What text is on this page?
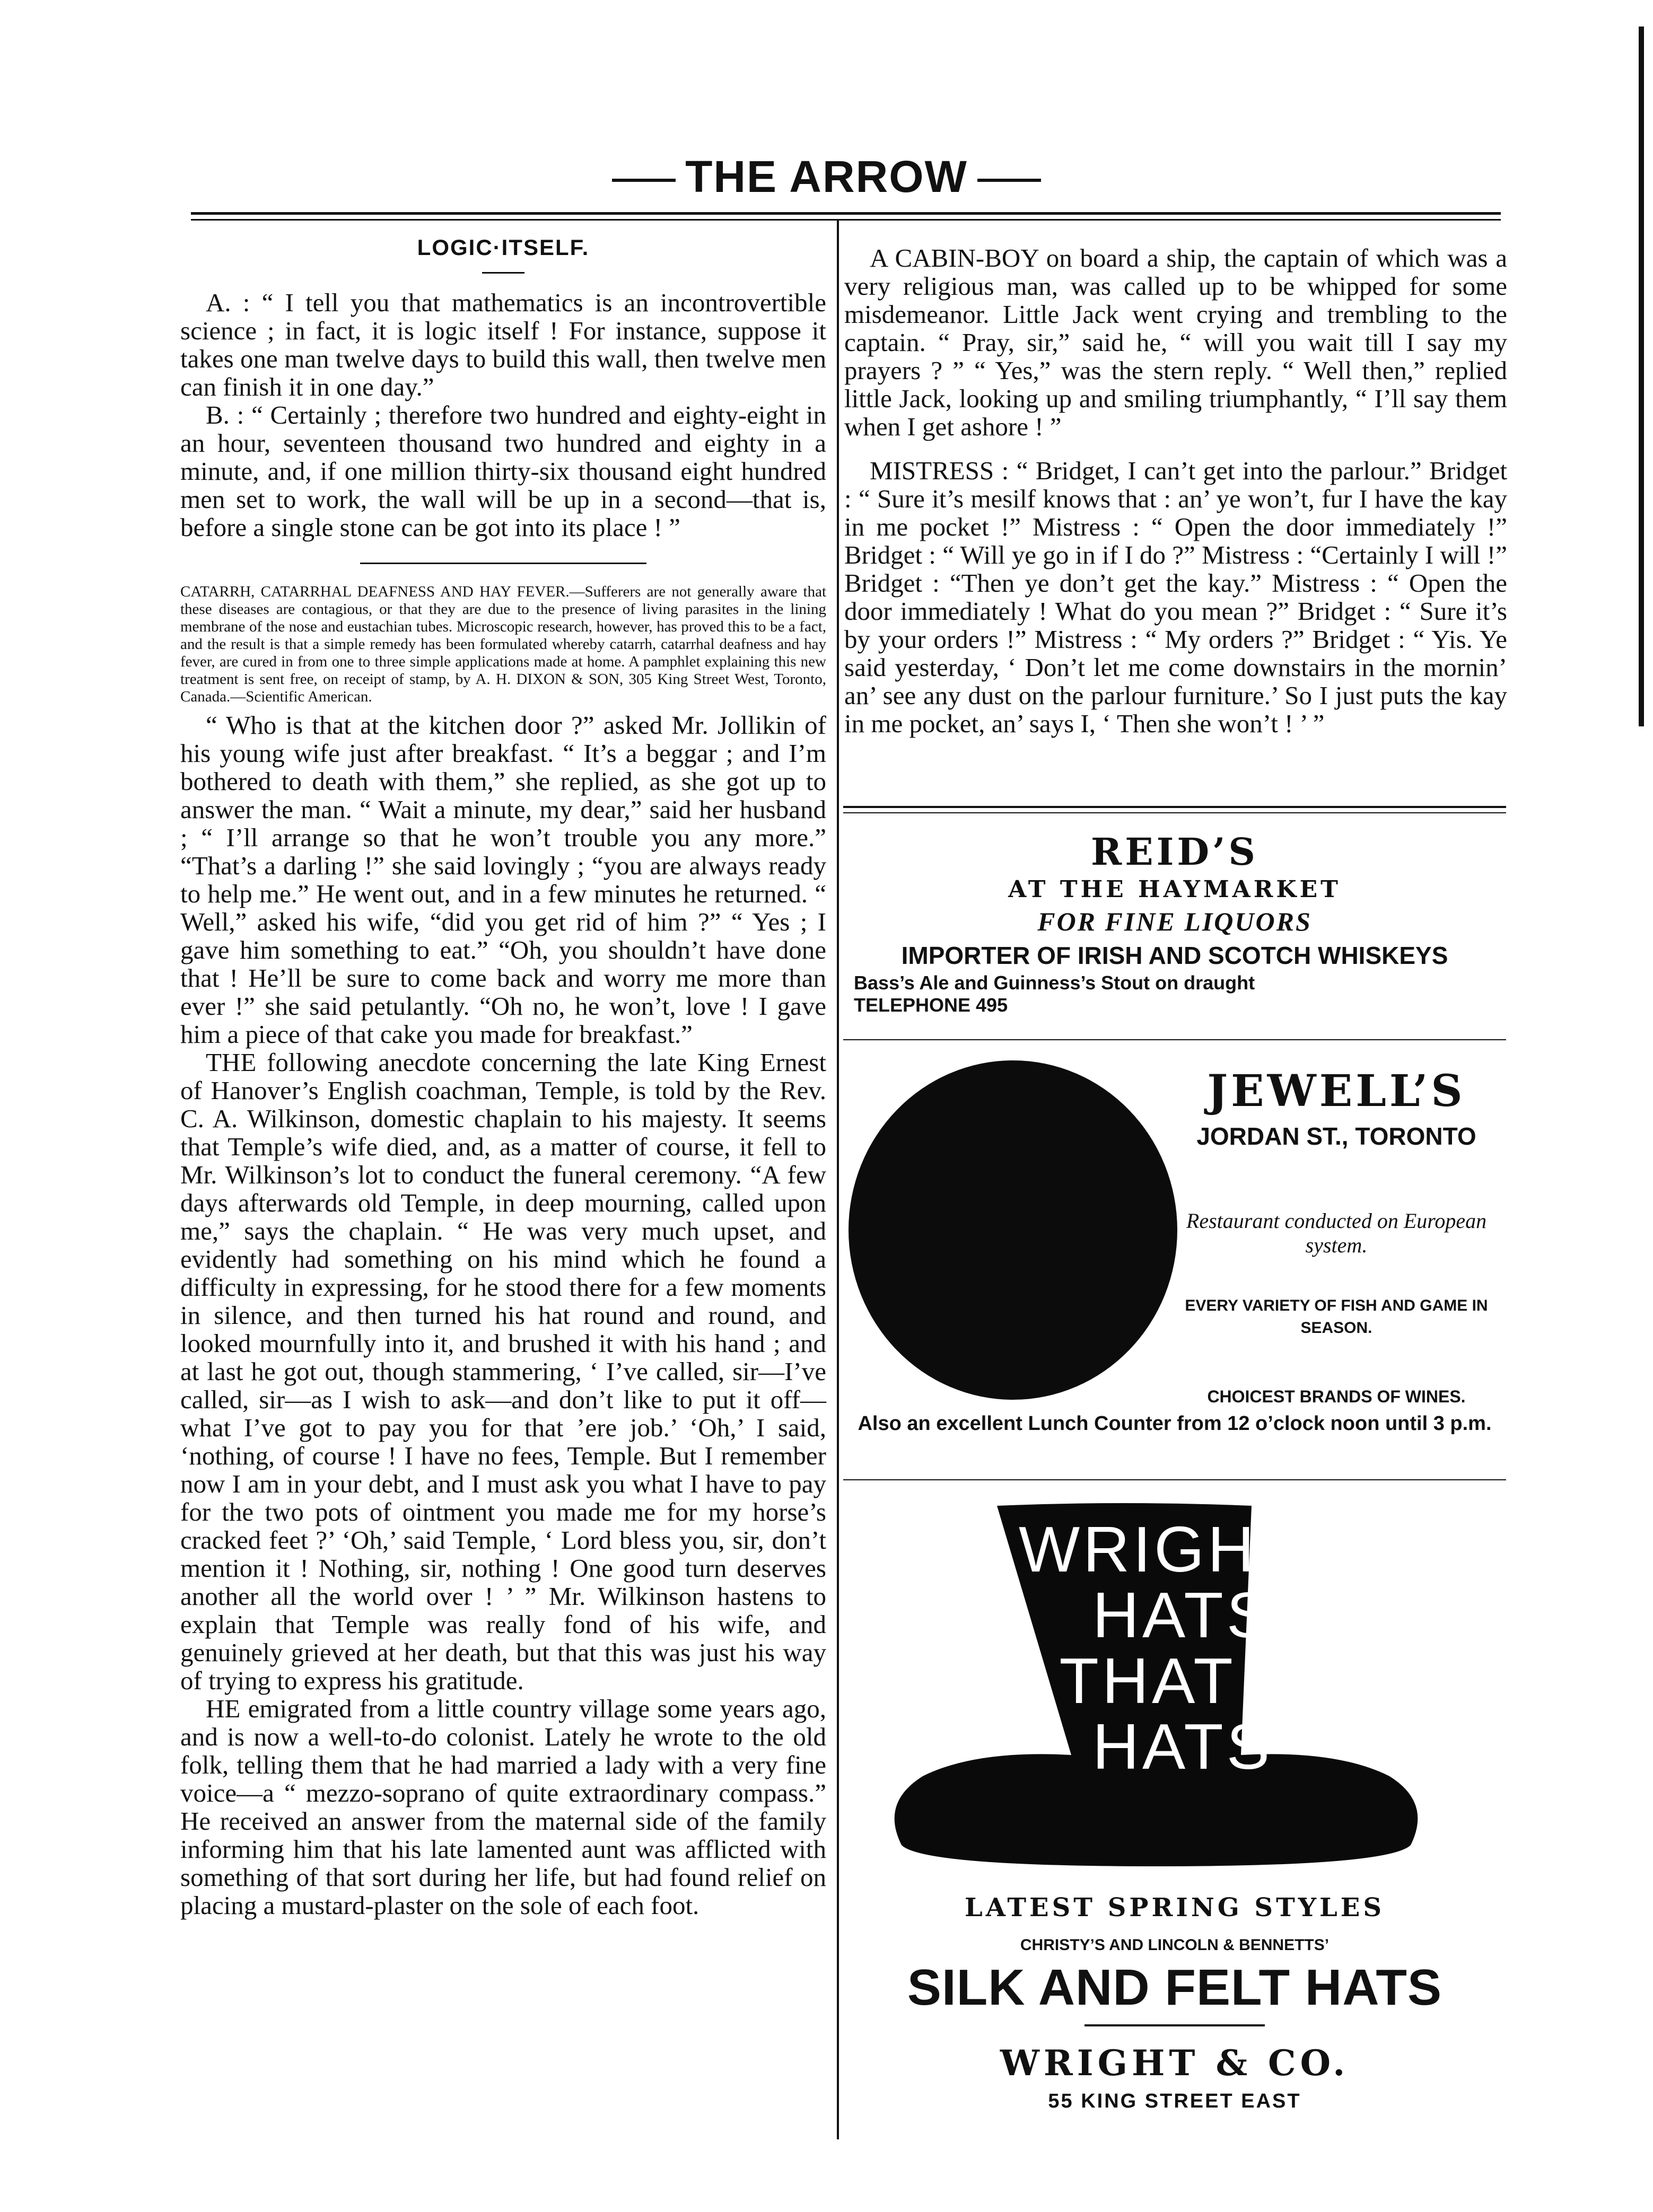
THE ARROW
LOGIC·ITSELF.

A. : “ I tell you that mathematics is an incontrovertible science ; in fact, it is logic itself ! For instance, suppose it takes one man twelve days to build this wall, then twelve men can finish it in one day.”

B. : “ Certainly ; therefore two hundred and eighty-eight in an hour, seventeen thousand two hundred and eighty in a minute, and, if one million thirty-six thousand eight hundred men set to work, the wall will be up in a second—that is, before a single stone can be got into its place ! ”

CATARRH, CATARRHAL DEAFNESS AND HAY FEVER.—Sufferers are not generally aware that these diseases are contagious, or that they are due to the presence of living parasites in the lining membrane of the nose and eustachian tubes. Microscopic research, however, has proved this to be a fact, and the result is that a simple remedy has been formulated whereby catarrh, catarrhal deafness and hay fever, are cured in from one to three simple applications made at home. A pamphlet explaining this new treatment is sent free, on receipt of stamp, by A. H. DIXON & SON, 305 King Street West, Toronto, Canada.—Scientific American.

“ Who is that at the kitchen door ?” asked Mr. Jollikin of his young wife just after breakfast. “ It’s a beggar ; and I’m bothered to death with them,” she replied, as she got up to answer the man. “ Wait a minute, my dear,” said her husband ; “ I’ll arrange so that he won’t trouble you any more.” “That’s a darling !” she said lovingly ; “you are always ready to help me.” He went out, and in a few minutes he returned. “ Well,” asked his wife, “did you get rid of him ?” “ Yes ; I gave him something to eat.” “Oh, you shouldn’t have done that ! He’ll be sure to come back and worry me more than ever !” she said petulantly. “Oh no, he won’t, love ! I gave him a piece of that cake you made for breakfast.”

THE following anecdote concerning the late King Ernest of Hanover’s English coachman, Temple, is told by the Rev. C. A. Wilkinson, domestic chaplain to his majesty. It seems that Temple’s wife died, and, as a matter of course, it fell to Mr. Wilkinson’s lot to conduct the funeral ceremony. “A few days afterwards old Temple, in deep mourning, called upon me,” says the chaplain. “ He was very much upset, and evidently had something on his mind which he found a difficulty in expressing, for he stood there for a few moments in silence, and then turned his hat round and round, and looked mournfully into it, and brushed it with his hand ; and at last he got out, though stammering, ‘ I’ve called, sir—I’ve called, sir—as I wish to ask—and don’t like to put it off—what I’ve got to pay you for that ’ere job.’ ‘Oh,’ I said, ‘nothing, of course ! I have no fees, Temple. But I remember now I am in your debt, and I must ask you what I have to pay for the two pots of ointment you made me for my horse’s cracked feet ?’ ‘Oh,’ said Temple, ‘ Lord bless you, sir, don’t mention it ! Nothing, sir, nothing ! One good turn deserves another all the world over ! ’ ” Mr. Wilkinson hastens to explain that Temple was really fond of his wife, and genuinely grieved at her death, but that this was just his way of trying to express his gratitude.

HE emigrated from a little country village some years ago, and is now a well-to-do colonist. Lately he wrote to the old folk, telling them that he had married a lady with a very fine voice—a “ mezzo-soprano of quite extraordinary compass.” He received an answer from the maternal side of the family informing him that his late lamented aunt was afflicted with something of that sort during her life, but had found relief on placing a mustard-plaster on the sole of each foot.

A CABIN-BOY on board a ship, the captain of which was a very religious man, was called up to be whipped for some misdemeanor. Little Jack went crying and trembling to the captain. “ Pray, sir,” said he, “ will you wait till I say my prayers ? ” “ Yes,” was the stern reply. “ Well then,” replied little Jack, looking up and smiling triumphantly, “ I’ll say them when I get ashore ! ”

MISTRESS : “ Bridget, I can’t get into the parlour.” Bridget : “ Sure it’s mesilf knows that : an’ ye won’t, fur I have the kay in me pocket !” Mistress : “ Open the door immediately !” Bridget : “ Will ye go in if I do ?” Mistress : “Certainly I will !” Bridget : “Then ye don’t get the kay.” Mistress : “ Open the door immediately ! What do you mean ?” Bridget : “ Sure it’s by your orders !” Mistress : “ My orders ?” Bridget : “ Yis. Ye said yesterday, ‘ Don’t let me come downstairs in the mornin’ an’ see any dust on the parlour furniture.’ So I just puts the kay in me pocket, an’ says I, ‘ Then she won’t ! ’ ”

REID’S
AT THE HAYMARKET
FOR FINE LIQUORS
IMPORTER OF IRISH AND SCOTCH WHISKEYS
Bass’s Ale and Guinness’s Stout on draught
TELEPHONE 495
JEWELL’S
JORDAN ST., TORONTO
Restaurant conducted on European system.
EVERY VARIETY OF FISH AND GAME IN SEASON.
CHOICEST BRANDS OF WINES.
Also an excellent Lunch Counter from 12 o’clock noon until 3 p.m.
WRIGHTS
HATS
THAT R
HATS
LATEST SPRING STYLES
CHRISTY’S AND LINCOLN & BENNETTS’
SILK AND FELT HATS
WRIGHT & CO.
55 KING STREET EAST
